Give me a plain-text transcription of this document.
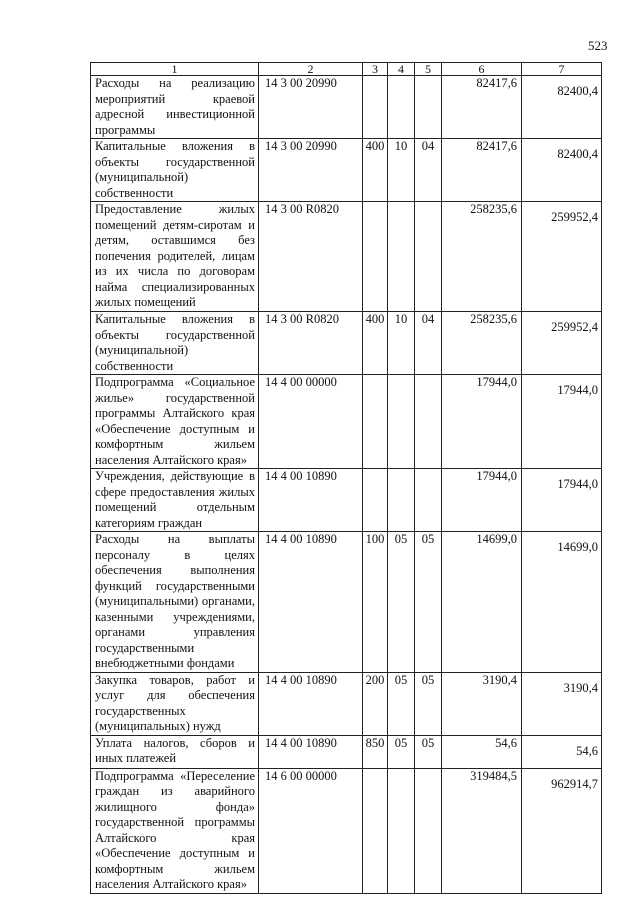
523
1	2	3	4	5	6	7
Расходы на реализацию мероприятий краевой адресной инвестиционной программы	14 3 00 20990				82417,6	82400,4
Капитальные вложения в объекты государственной (муниципальной) собственности	14 3 00 20990	400	10	04	82417,6	82400,4
Предоставление жилых помещений детям-сиротам и детям, оставшимся без попечения родителей, лицам из их числа по договорам найма специализированных жилых помещений	14 3 00 R0820				258235,6	259952,4
Капитальные вложения в объекты государственной (муниципальной) собственности	14 3 00 R0820	400	10	04	258235,6	259952,4
Подпрограмма «Социальное жилье» государственной программы Алтайского края «Обеспечение доступным и комфортным жильем населения Алтайского края»	14 4 00 00000				17944,0	17944,0
Учреждения, действующие в сфере предоставления жилых помещений отдельным категориям граждан	14 4 00 10890				17944,0	17944,0
Расходы на выплаты персоналу в целях обеспечения выполнения функций государственными (муниципальными) органами, казенными учреждениями, органами управления государственными внебюджетными фондами	14 4 00 10890	100	05	05	14699,0	14699,0
Закупка товаров, работ и услуг для обеспечения государственных (муниципальных) нужд	14 4 00 10890	200	05	05	3190,4	3190,4
Уплата налогов, сборов и иных платежей	14 4 00 10890	850	05	05	54,6	54,6
Подпрограмма «Переселение граждан из аварийного жилищного фонда» государственной программы Алтайского края «Обеспечение доступным и комфортным жильем населения Алтайского края»	14 6 00 00000				319484,5	962914,7
